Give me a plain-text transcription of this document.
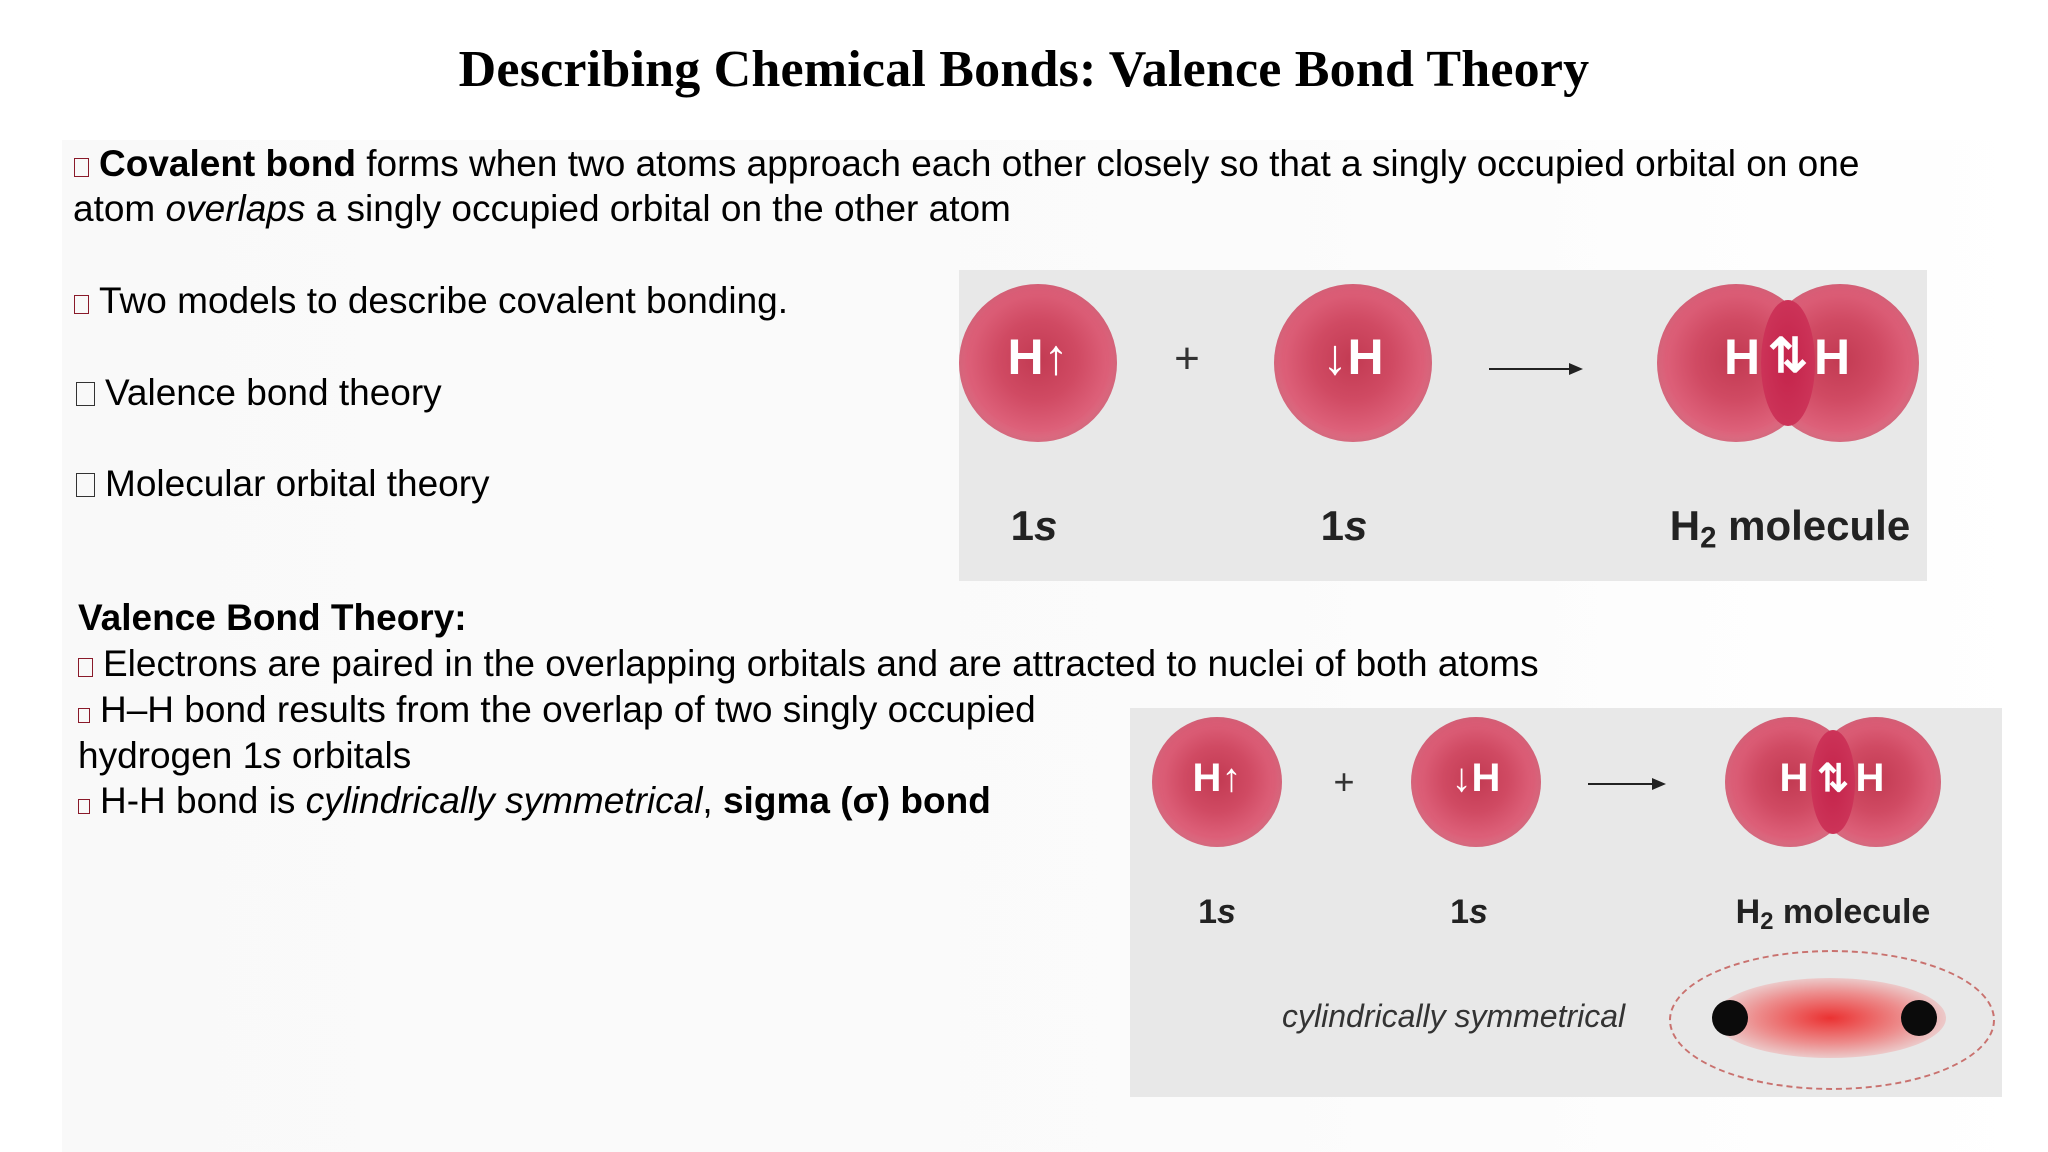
Describing Chemical Bonds: Valence Bond Theory
Covalent bond forms when two atoms approach each other closely so that a singly occupied orbital on one
atom overlaps a singly occupied orbital on the other atom
Two models to describe covalent bonding.
Valence bond theory
Molecular orbital theory
H↑	+	↓H	H ⇅ H
1s	1s	$H_2$ molecule
Valence Bond Theory:
Electrons are paired in the overlapping orbitals and are attracted to nuclei of both atoms
H–H bond results from the overlap of two singly occupied
hydrogen 1s orbitals
H-H bond is cylindrically symmetrical, sigma (σ) bond
H↑	+	↓H	H ⇅ H
1s	1s	$H_2$ molecule
cylindrically symmetrical
